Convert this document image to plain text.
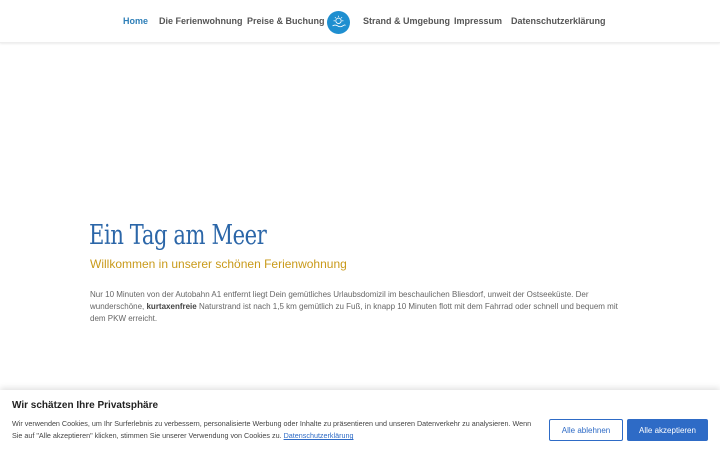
Home Die Ferienwohnung Preise & Buchung	Strand & Umgebung Impressum Datenschutzerklärung
Ein Tag am Meer
Willkommen in unserer schönen Ferienwohnung

Nur 10 Minuten von der Autobahn A1 entfernt liegt Dein gemütliches Urlaubsdomizil im beschaulichen Bliesdorf, unweit der Ostseeküste. Der wunderschöne, kurtaxenfreie Naturstrand ist nach 1,5 km gemütlich zu Fuß, in knapp 10 Minuten flott mit dem Fahrrad oder schnell und bequem mit dem PKW erreicht.

Wir schätzen Ihre Privatsphäre

Wir verwenden Cookies, um Ihr Surferlebnis zu verbessern, personalisierte Werbung oder Inhalte zu präsentieren und unseren Datenverkehr zu analysieren. Wenn Sie auf "Alle akzeptieren" klicken, stimmen Sie unserer Verwendung von Cookies zu. Datenschutzerklärung

Alle ablehnen	Alle akzeptieren
